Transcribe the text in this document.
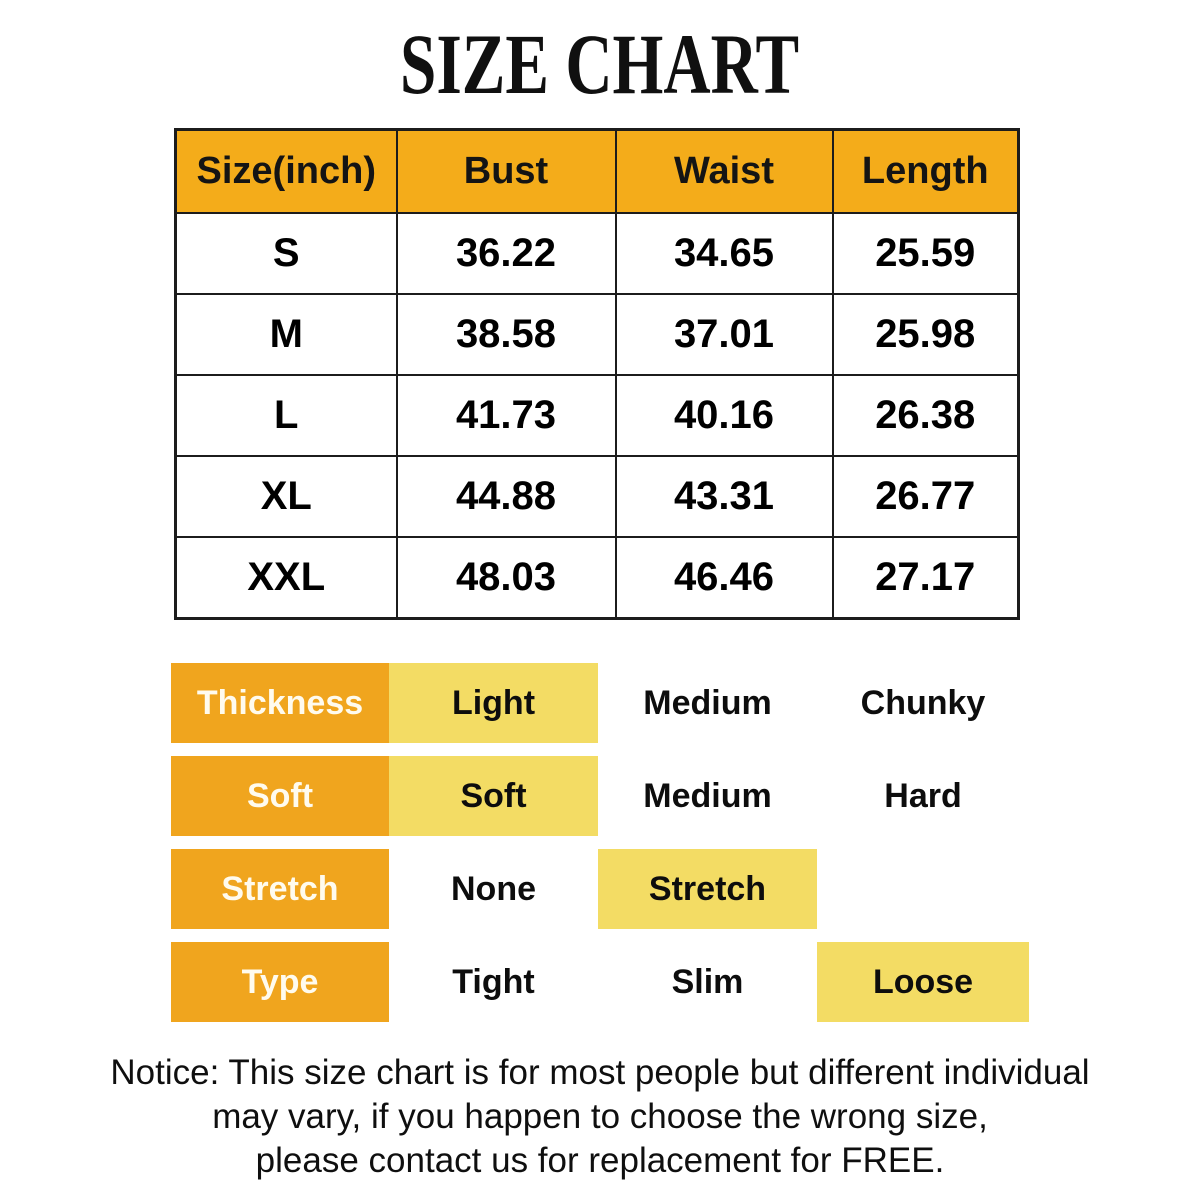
SIZE CHART
Size(inch)	Bust	Waist	Length
S	36.22	34.65	25.59
M	38.58	37.01	25.98
L	41.73	40.16	26.38
XL	44.88	43.31	26.77
XXL	48.03	46.46	27.17
Thickness	Light	Medium	Chunky
Soft	Soft	Medium	Hard
Stretch	None	Stretch
Type	Tight	Slim	Loose
Notice: This size chart is for most people but different individual
may vary, if you happen to choose the wrong size,
please contact us for replacement for FREE.
